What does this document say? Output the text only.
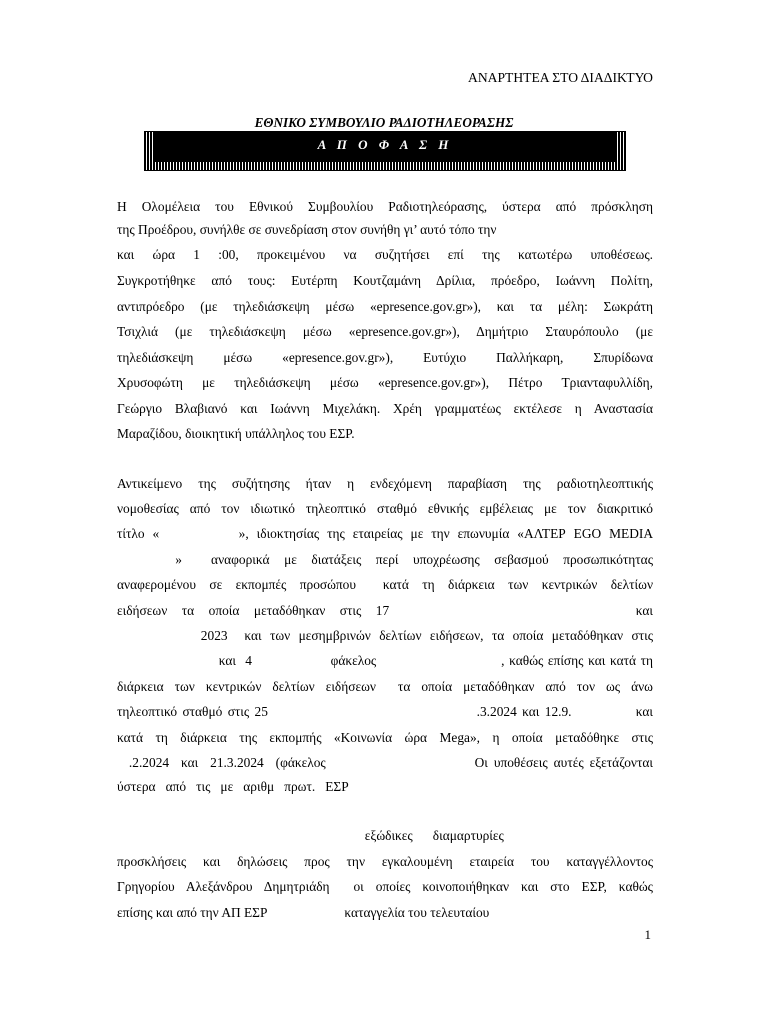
ΑΝΑΡΤΗΤΕΑ ΣΤΟ ΔΙΑΔΙΚΤΥΟ
ΕΘΝΙΚΟ ΣΥΜΒΟΥΛΙΟ ΡΑΔΙΟΤΗΛΕΟΡΑΣΗΣ
Α Π Ο Φ Α Σ Η
Η Ολομέλεια του Εθνικού Συμβουλίου Ραδιοτηλεόρασης, ύστερα από πρόσκληση
της Προέδρου, συνήλθε σε συνεδρίαση στον συνήθη γι’ αυτό τόπο την
και ώρα 1 :00, προκειμένου να συζητήσει επί της κατωτέρω υποθέσεως.
Συγκροτήθηκε από τους: Ευτέρπη Κουτζαμάνη Δρίλια, πρόεδρο, Ιωάννη Πολίτη,
αντιπρόεδρο (με τηλεδιάσκεψη μέσω «epresence.gov.gr»), και τα μέλη: Σωκράτη
Τσιχλιά (με τηλεδιάσκεψη μέσω «epresence.gov.gr»), Δημήτριο Σταυρόπουλο (με
τηλεδιάσκεψη μέσω «epresence.gov.gr»), Ευτύχιο Παλλήκαρη, Σπυρίδωνα
Χρυσοφώτη με τηλεδιάσκεψη μέσω «epresence.gov.gr»), Πέτρο Τριανταφυλλίδη,
Γεώργιο Βλαβιανό και Ιωάννη Μιχελάκη. Χρέη γραμματέως εκτέλεσε η Αναστασία
Μαραζίδου, διοικητική υπάλληλος του ΕΣΡ.
Αντικείμενο της συζήτησης ήταν η ενδεχόμενη παραβίαση της ραδιοτηλεοπτικής
νομοθεσίας από τον ιδιωτικό τηλεοπτικό σταθμό εθνικής εμβέλειας με τον διακριτικό
τίτλο «          », ιδιοκτησίας της εταιρείας με την επωνυμία «ΑΛΤΕΡ EGO MEDIA
»  αναφορικά με διατάξεις περί υποχρέωσης σεβασμού προσωπικότητας
αναφερομένου σε εκπομπές προσώπου  κατά τη διάρκεια των κεντρικών δελτίων
ειδήσεων   τα   οποία   μεταδόθηκαν   στις   17                                                   και
2023  και των μεσημβρινών δελτίων ειδήσεων, τα οποία μεταδόθηκαν στις
και  4                 φάκελος                           , καθώς επίσης και κατά τη
διάρκεια των κεντρικών δελτίων ειδήσεων  τα οποία μεταδόθηκαν από τον ως άνω
τηλεοπτικό σταθμό στις 25                                       .3.2024 και 12.9.            και
κατά τη διάρκεια της εκπομπής «Κοινωνία ώρα Mega», η οποία μεταδόθηκε στις
.2.2024  και  21.3.2024  (φάκελος                         Οι υποθέσεις αυτές εξετάζονται
ύστερα   από   τις   με   αριθμ   πρωτ.   ΕΣΡ
εξώδικες      διαμαρτυρίες
προσκλήσεις και δηλώσεις προς την εγκαλουμένη εταιρεία του καταγγέλλοντος
Γρηγορίου Αλεξάνδρου Δημητριάδη  οι οποίες κοινοποιήθηκαν και στο ΕΣΡ, καθώς
επίσης και από την ΑΠ ΕΣΡ                       καταγγελία του τελευταίου
1
